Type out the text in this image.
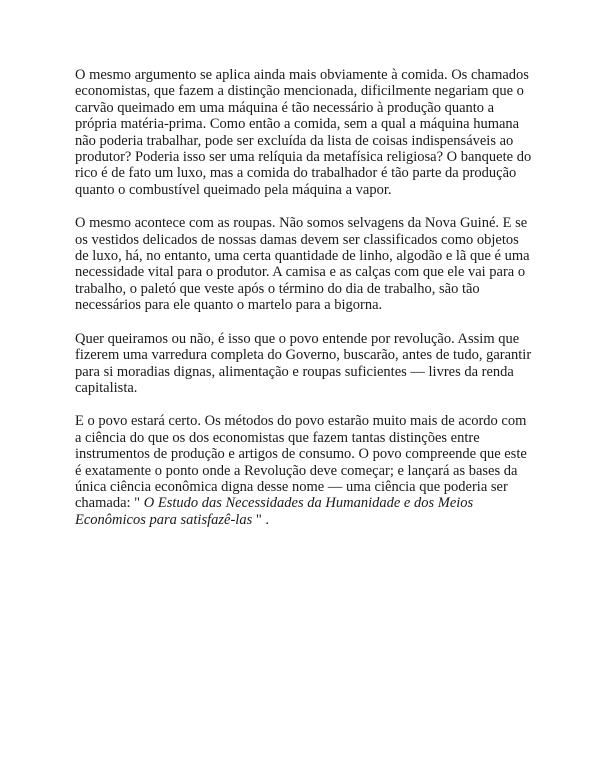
O mesmo argumento se aplica ainda mais obviamente à comida. Os chamados economistas, que fazem a distinção mencionada, dificilmente negariam que o carvão queimado em uma máquina é tão necessário à produção quanto a própria matéria-prima. Como então a comida, sem a qual a máquina humana não poderia trabalhar, pode ser excluída da lista de coisas indispensáveis ao produtor? Poderia isso ser uma relíquia da metafísica religiosa? O banquete do rico é de fato um luxo, mas a comida do trabalhador é tão parte da produção quanto o combustível queimado pela máquina a vapor.

O mesmo acontece com as roupas. Não somos selvagens da Nova Guiné. E se os vestidos delicados de nossas damas devem ser classificados como objetos de luxo, há, no entanto, uma certa quantidade de linho, algodão e lã que é uma necessidade vital para o produtor. A camisa e as calças com que ele vai para o trabalho, o paletó que veste após o término do dia de trabalho, são tão necessários para ele quanto o martelo para a bigorna.

Quer queiramos ou não, é isso que o povo entende por revolução. Assim que fizerem uma varredura completa do Governo, buscarão, antes de tudo, garantir para si moradias dignas, alimentação e roupas suficientes — livres da renda capitalista.

E o povo estará certo. Os métodos do povo estarão muito mais de acordo com a ciência do que os dos economistas que fazem tantas distinções entre instrumentos de produção e artigos de consumo. O povo compreende que este é exatamente o ponto onde a Revolução deve começar; e lançará as bases da única ciência econômica digna desse nome — uma ciência que poderia ser chamada: " O Estudo das Necessidades da Humanidade e dos Meios Econômicos para satisfazê-las " .
